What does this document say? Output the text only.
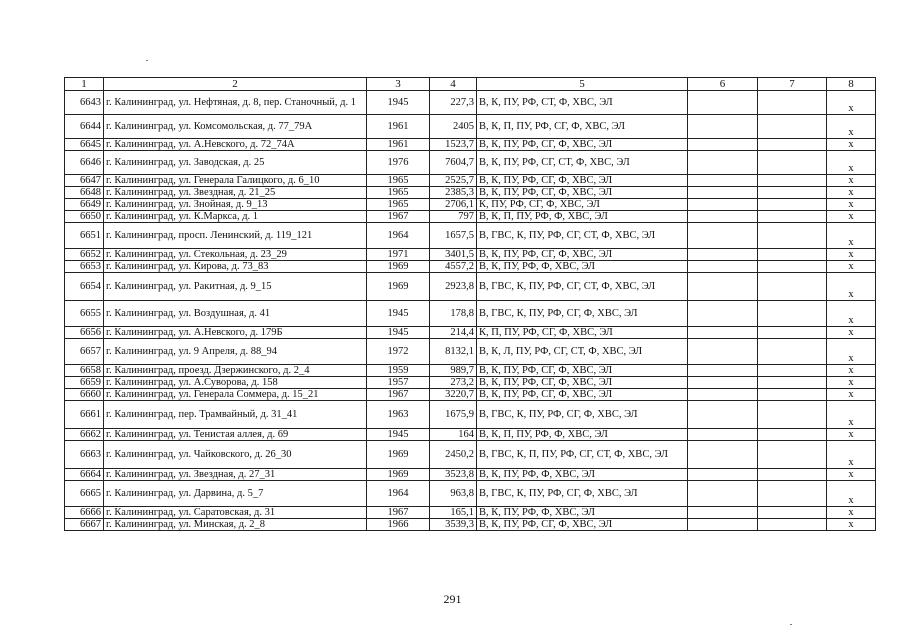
1	2	3	4	5	6	7	8
6643	г. Калининград, ул. Нефтяная, д. 8, пер. Станочный, д. 1	1945	227,3	В, К, ПУ, РФ, СТ, Ф, ХВС, ЭЛ			x
6644	г. Калининград, ул. Комсомольская, д. 77_79А	1961	2405	В, К, П, ПУ, РФ, СГ, Ф, ХВС, ЭЛ			x
6645	г. Калининград, ул. А.Невского, д. 72_74А	1961	1523,7	В, К, ПУ, РФ, СГ, Ф, ХВС, ЭЛ			x
6646	г. Калининград, ул. Заводская, д. 25	1976	7604,7	В, К, ПУ, РФ, СГ, СТ, Ф, ХВС, ЭЛ			x
6647	г. Калининград, ул. Генерала Галицкого, д. 6_10	1965	2525,7	В, К, ПУ, РФ, СГ, Ф, ХВС, ЭЛ			x
6648	г. Калининград, ул. Звездная, д. 21_25	1965	2385,3	В, К, ПУ, РФ, СГ, Ф, ХВС, ЭЛ			x
6649	г. Калининград, ул. Знойная, д. 9_13	1965	2706,1	К, ПУ, РФ, СГ, Ф, ХВС, ЭЛ			x
6650	г. Калининград, ул. К.Маркса, д. 1	1967	797	В, К, П, ПУ, РФ, Ф, ХВС, ЭЛ			x
6651	г. Калининград, просп. Ленинский, д. 119_121	1964	1657,5	В, ГВС, К, ПУ, РФ, СГ, СТ, Ф, ХВС, ЭЛ			x
6652	г. Калининград, ул. Стекольная, д. 23_29	1971	3401,5	В, К, ПУ, РФ, СГ, Ф, ХВС, ЭЛ			x
6653	г. Калининград, ул. Кирова, д. 73_83	1969	4557,2	В, К, ПУ, РФ, Ф, ХВС, ЭЛ			x
6654	г. Калининград, ул. Ракитная, д. 9_15	1969	2923,8	В, ГВС, К, ПУ, РФ, СГ, СТ, Ф, ХВС, ЭЛ			x
6655	г. Калининград, ул. Воздушная, д. 41	1945	178,8	В, ГВС, К, ПУ, РФ, СГ, Ф, ХВС, ЭЛ			x
6656	г. Калининград, ул. А.Невского, д. 179Б	1945	214,4	К, П, ПУ, РФ, СГ, Ф, ХВС, ЭЛ			x
6657	г. Калининград, ул. 9 Апреля, д. 88_94	1972	8132,1	В, К, Л, ПУ, РФ, СГ, СТ, Ф, ХВС, ЭЛ			x
6658	г. Калининград, проезд. Дзержинского, д. 2_4	1959	989,7	В, К, ПУ, РФ, СГ, Ф, ХВС, ЭЛ			x
6659	г. Калининград, ул. А.Суворова, д. 158	1957	273,2	В, К, ПУ, РФ, СГ, Ф, ХВС, ЭЛ			x
6660	г. Калининград, ул. Генерала Соммера, д. 15_21	1967	3220,7	В, К, ПУ, РФ, СГ, Ф, ХВС, ЭЛ			x
6661	г. Калининград, пер. Трамвайный, д. 31_41	1963	1675,9	В, ГВС, К, ПУ, РФ, СГ, Ф, ХВС, ЭЛ			x
6662	г. Калининград, ул. Тенистая аллея, д. 69	1945	164	В, К, П, ПУ, РФ, Ф, ХВС, ЭЛ			x
6663	г. Калининград, ул. Чайковского, д. 26_30	1969	2450,2	В, ГВС, К, П, ПУ, РФ, СГ, СТ, Ф, ХВС, ЭЛ			x
6664	г. Калининград, ул. Звездная, д. 27_31	1969	3523,8	В, К, ПУ, РФ, Ф, ХВС, ЭЛ			x
6665	г. Калининград, ул. Дарвина, д. 5_7	1964	963,8	В, ГВС, К, ПУ, РФ, СГ, Ф, ХВС, ЭЛ			x
6666	г. Калининград, ул. Саратовская, д. 31	1967	165,1	В, К, ПУ, РФ, Ф, ХВС, ЭЛ			x
6667	г. Калининград, ул. Минская, д. 2_8	1966	3539,3	В, К, ПУ, РФ, СГ, Ф, ХВС, ЭЛ			x
291
